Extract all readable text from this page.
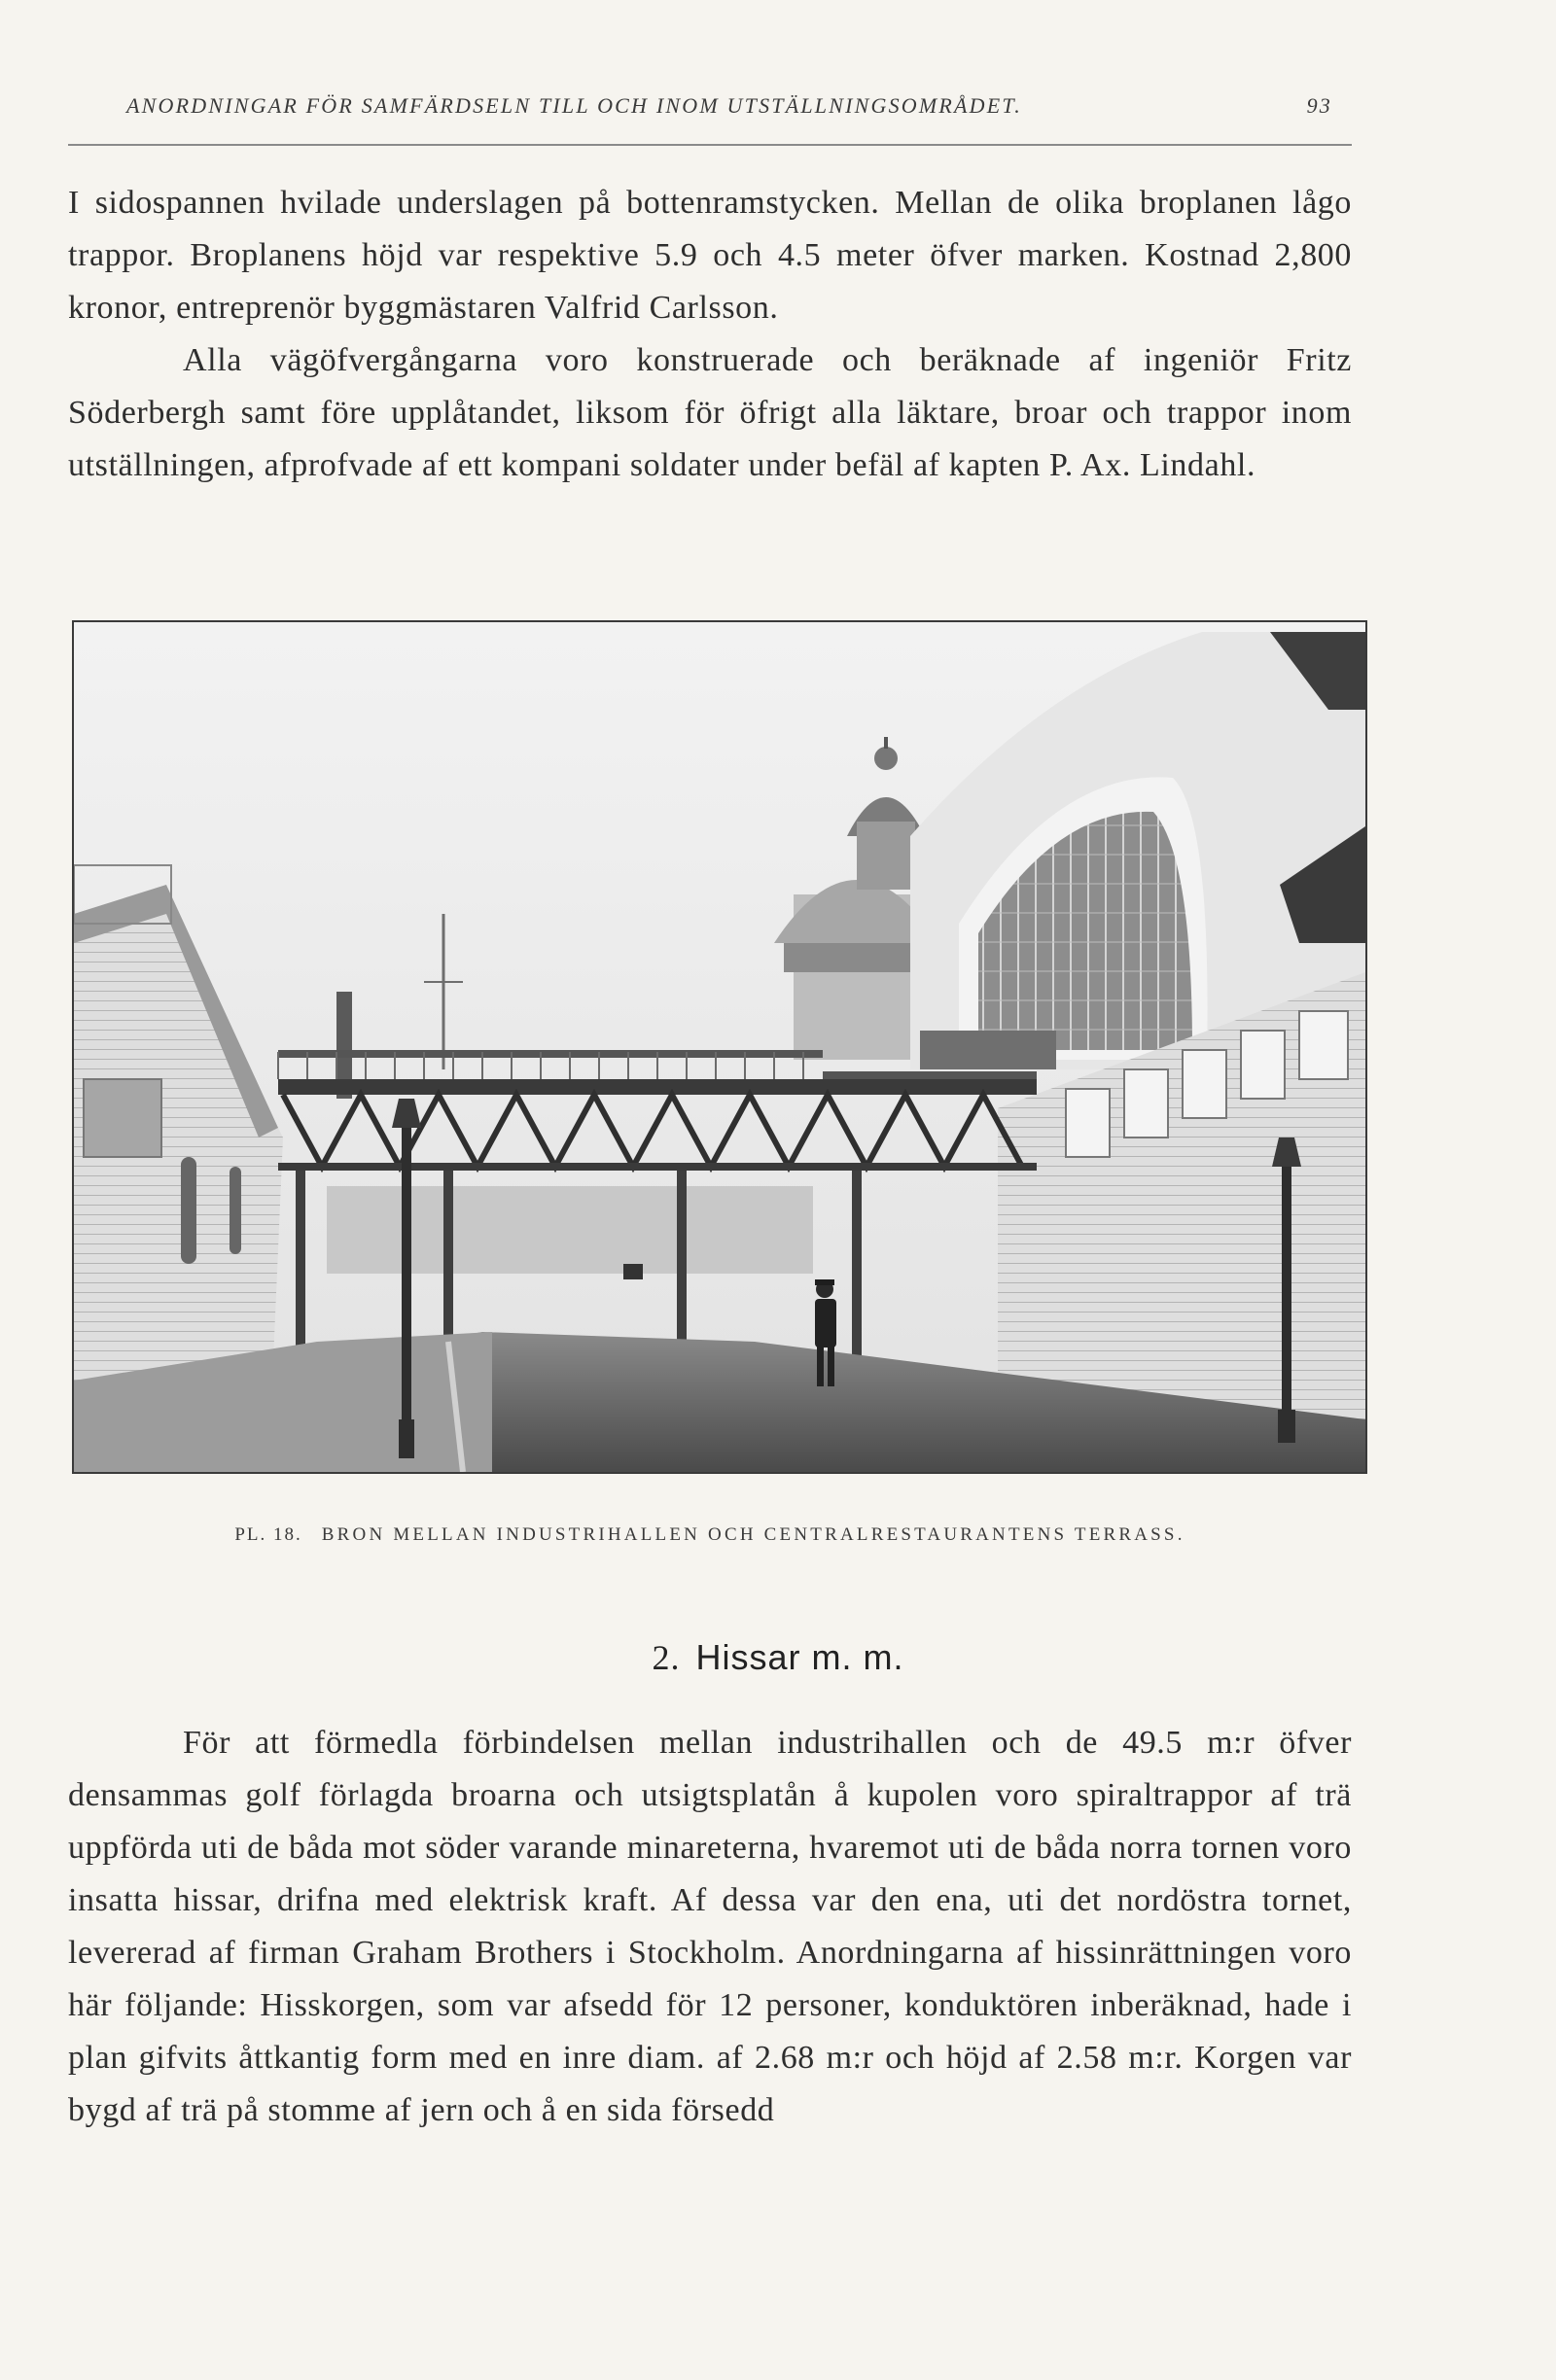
ANORDNINGAR FÖR SAMFÄRDSELN TILL OCH INOM UTSTÄLLNINGSOMRÅDET.	93

I sidospannen hvilade underslagen på bottenramstycken. Mellan de olika broplanen lågo trappor. Broplanens höjd var respektive 5.9 och 4.5 meter öfver marken. Kostnad 2,800 kronor, entreprenör byggmästaren Valfrid Carlsson.

Alla vägöfvergångarna voro konstruerade och beräknade af ingeniör Fritz Söderbergh samt före upplåtandet, liksom för öfrigt alla läktare, broar och trappor inom utställningen, afprofvade af ett kompani soldater under befäl af kapten P. Ax. Lindahl.

PL. 18. BRON MELLAN INDUSTRIHALLEN OCH CENTRALRESTAURANTENS TERRASS.
2. Hissar m. m.

För att förmedla förbindelsen mellan industrihallen och de 49.5 m:r öfver densammas golf förlagda broarna och utsigtsplatån å kupolen voro spiraltrappor af trä uppförda uti de båda mot söder varande minareterna, hvaremot uti de båda norra tornen voro insatta hissar, drifna med elektrisk kraft. Af dessa var den ena, uti det nordöstra tornet, levererad af firman Graham Brothers i Stockholm. Anordningarna af hissinrättningen voro här följande: Hisskorgen, som var afsedd för 12 personer, konduktören inberäknad, hade i plan gifvits åttkantig form med en inre diam. af 2.68 m:r och höjd af 2.58 m:r. Korgen var bygd af trä på stomme af jern och å en sida försedd
